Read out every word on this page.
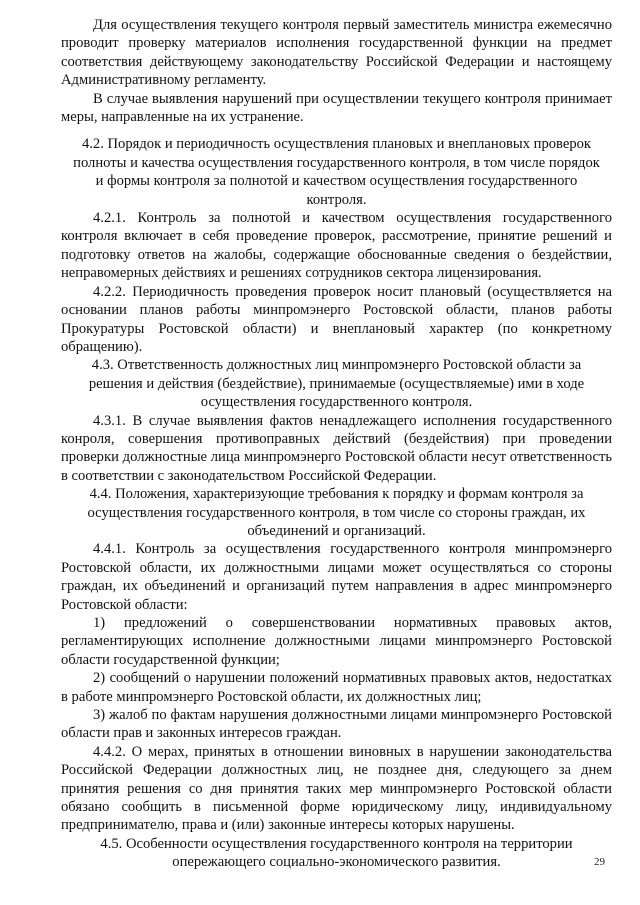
Для осуществления текущего контроля первый заместитель министра ежемесячно проводит проверку материалов исполнения государственной функции на предмет соответствия действующему законодательству Российской Федерации и настоящему Административному регламенту.

В случае выявления нарушений при осуществлении текущего контроля принимает меры, направленные на их устранение.

4.2. Порядок и периодичность осуществления плановых и внеплановых проверок полноты и качества осуществления государственного контроля, в том числе порядок и формы контроля за полнотой и качеством осуществления государственного контроля.

4.2.1. Контроль за полнотой и качеством осуществления государственного контроля включает в себя проведение проверок, рассмотрение, принятие решений и подготовку ответов на жалобы, содержащие обоснованные сведения о бездействии, неправомерных действиях и решениях сотрудников сектора лицензирования.

4.2.2. Периодичность проведения проверок носит плановый (осуществляется на основании планов работы минпромэнерго Ростовской области, планов работы Прокуратуры Ростовской области) и внеплановый характер (по конкретному обращению).

4.3. Ответственность должностных лиц минпромэнерго Ростовской области за решения и действия (бездействие), принимаемые (осуществляемые) ими в ходе осуществления государственного контроля.

4.3.1. В случае выявления фактов ненадлежащего исполнения государственного конроля, совершения противоправных действий (бездействия) при проведении проверки должностные лица минпромэнерго Ростовской области несут ответственность в соответствии с законодательством Российской Федерации.

4.4. Положения, характеризующие требования к порядку и формам контроля за осуществления государственного контроля, в том числе со стороны граждан, их объединений и организаций.

4.4.1. Контроль за осуществления государственного контроля минпромэнерго Ростовской области, их должностными лицами может осуществляться со стороны граждан, их объединений и организаций путем направления в адрес минпромэнерго Ростовской области:

1) предложений о совершенствовании нормативных правовых актов, регламентирующих исполнение должностными лицами минпромэнерго Ростовской области государственной функции;

2) сообщений о нарушении положений нормативных правовых актов, недостатках в работе минпромэнерго Ростовской области, их должностных лиц;

3) жалоб по фактам нарушения должностными лицами минпромэнерго Ростовской области прав и законных интересов граждан.

4.4.2. О мерах, принятых в отношении виновных в нарушении законодательства Российской Федерации должностных лиц, не позднее дня, следующего за днем принятия решения со дня принятия таких мер минпромэнерго Ростовской области обязано сообщить в письменной форме юридическому лицу, индивидуальному предпринимателю, права и (или) законные интересы которых нарушены.

4.5. Особенности осуществления государственного контроля на территории опережающего социально-экономического развития.	29
